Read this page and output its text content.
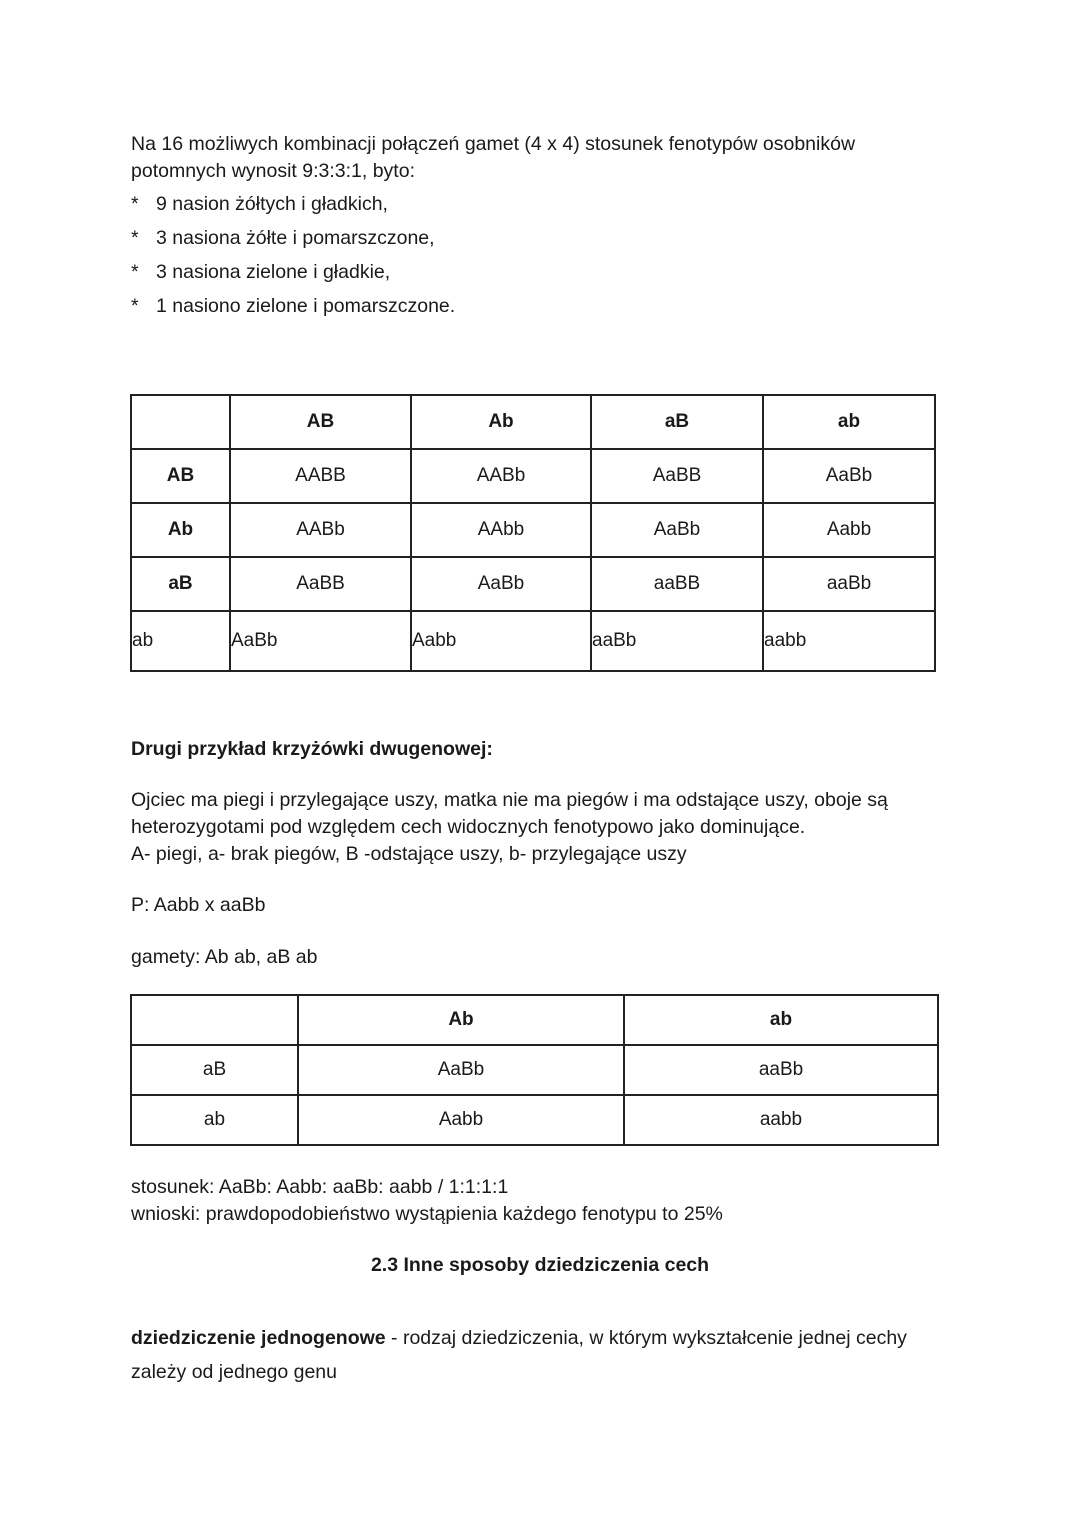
Na 16 możliwych kombinacji połączeń gamet (4 x 4) stosunek fenotypów osobników
potomnych wynosit 9:3:3:1, byto:
* 9 nasion żółtych i gładkich,
* 3 nasiona żółte i pomarszczone,
* 3 nasiona zielone i gładkie,
* 1 nasiono zielone i pomarszczone.
	AB	Ab	aB	ab
AB	AABB	AABb	AaBB	AaBb
Ab	AABb	AAbb	AaBb	Aabb
aB	AaBB	AaBb	aaBB	aaBb
ab	AaBb	Aabb	aaBb	aabb
Drugi przykład krzyżówki dwugenowej:
Ojciec ma piegi i przylegające uszy, matka nie ma piegów i ma odstające uszy, oboje są
heterozygotami pod względem cech widocznych fenotypowo jako dominujące.
A- piegi, a- brak piegów, B -odstające uszy, b- przylegające uszy
P: Aabb x aaBb
gamety: Ab ab, aB ab
	Ab	ab
aB	AaBb	aaBb
ab	Aabb	aabb
stosunek: AaBb: Aabb: aaBb: aabb / 1:1:1:1
wnioski: prawdopodobieństwo wystąpienia każdego fenotypu to 25%
2.3 Inne sposoby dziedziczenia cech
dziedziczenie jednogenowe - rodzaj dziedziczenia, w którym wykształcenie jednej cechy
zależy od jednego genu
